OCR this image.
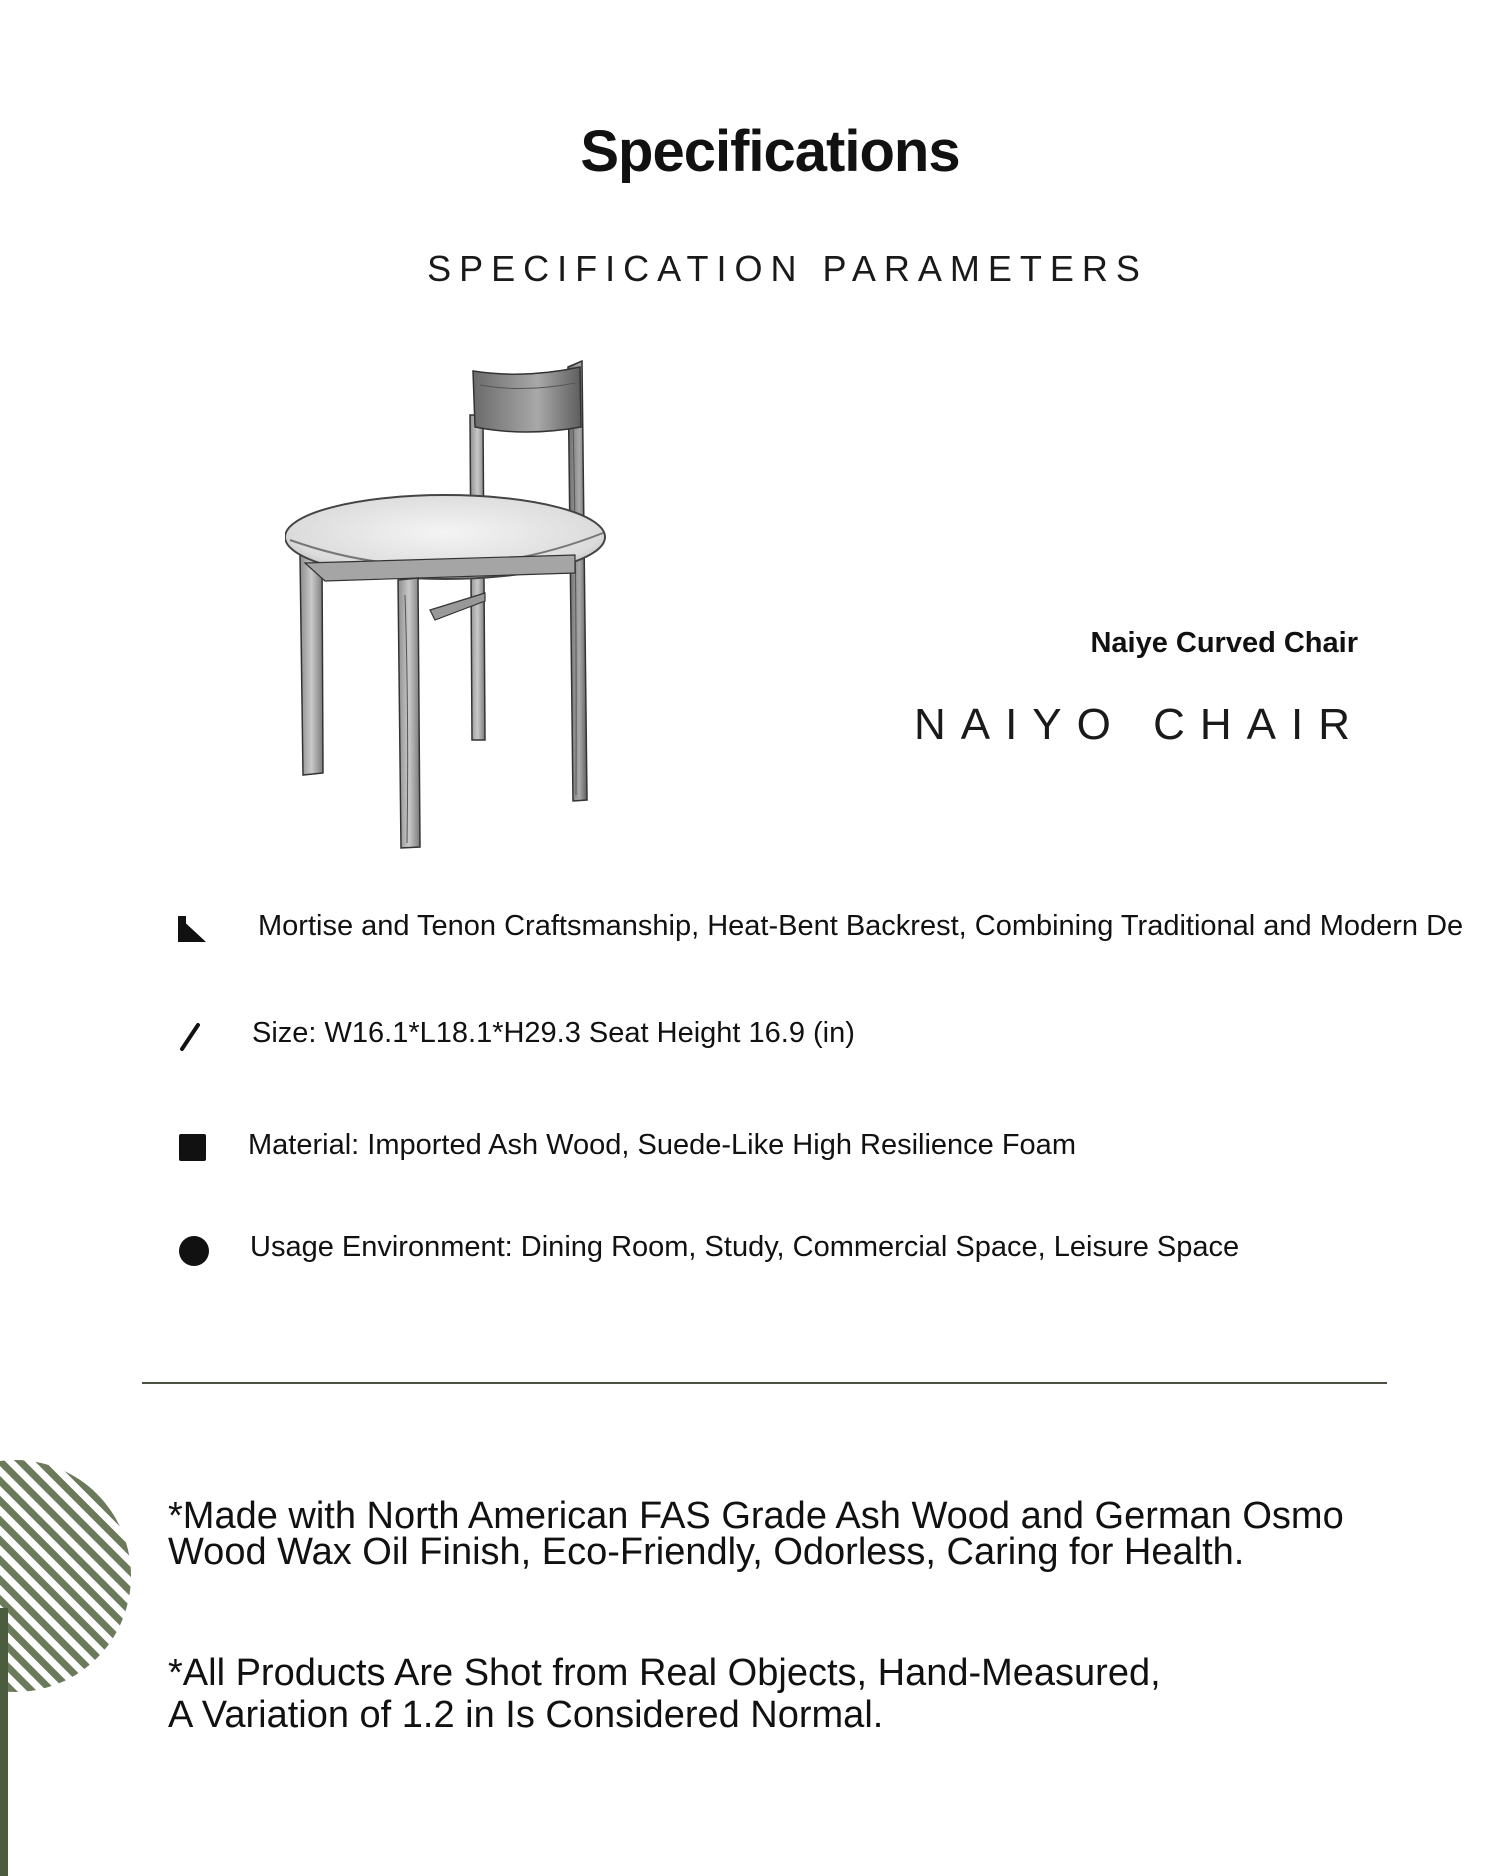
Specifications
SPECIFICATION PARAMETERS
Naiye Curved Chair
NAIYO CHAIR
Mortise and Tenon Craftsmanship, Heat-Bent Backrest, Combining Traditional and Modern De
Size: W16.1*L18.1*H29.3 Seat Height 16.9 (in)
Material: Imported Ash Wood, Suede-Like High Resilience Foam
Usage Environment: Dining Room, Study, Commercial Space, Leisure Space

*Made with North American FAS Grade Ash Wood and German Osmo
Wood Wax Oil Finish, Eco-Friendly, Odorless, Caring for Health.

*All Products Are Shot from Real Objects, Hand-Measured,
A Variation of 1.2 in Is Considered Normal.
